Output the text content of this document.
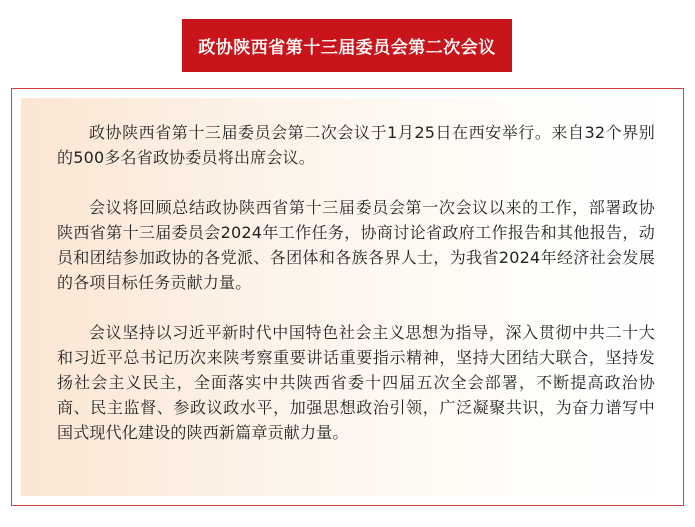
政协陕西省第十三届委员会第二次会议

政协陕西省第十三届委员会第二次会议于1月25日在西安举行。来自32个界别的500多名省政协委员将出席会议。

会议将回顾总结政协陕西省第十三届委员会第一次会议以来的工作，部署政协陕西省第十三届委员会2024年工作任务，协商讨论省政府工作报告和其他报告，动员和团结参加政协的各党派、各团体和各族各界人士，为我省2024年经济社会发展的各项目标任务贡献力量。

会议坚持以习近平新时代中国特色社会主义思想为指导，深入贯彻中共二十大和习近平总书记历次来陕考察重要讲话重要指示精神，坚持大团结大联合，坚持发扬社会主义民主，全面落实中共陕西省委十四届五次全会部署，不断提高政治协商、民主监督、参政议政水平，加强思想政治引领，广泛凝聚共识，为奋力谱写中国式现代化建设的陕西新篇章贡献力量。
